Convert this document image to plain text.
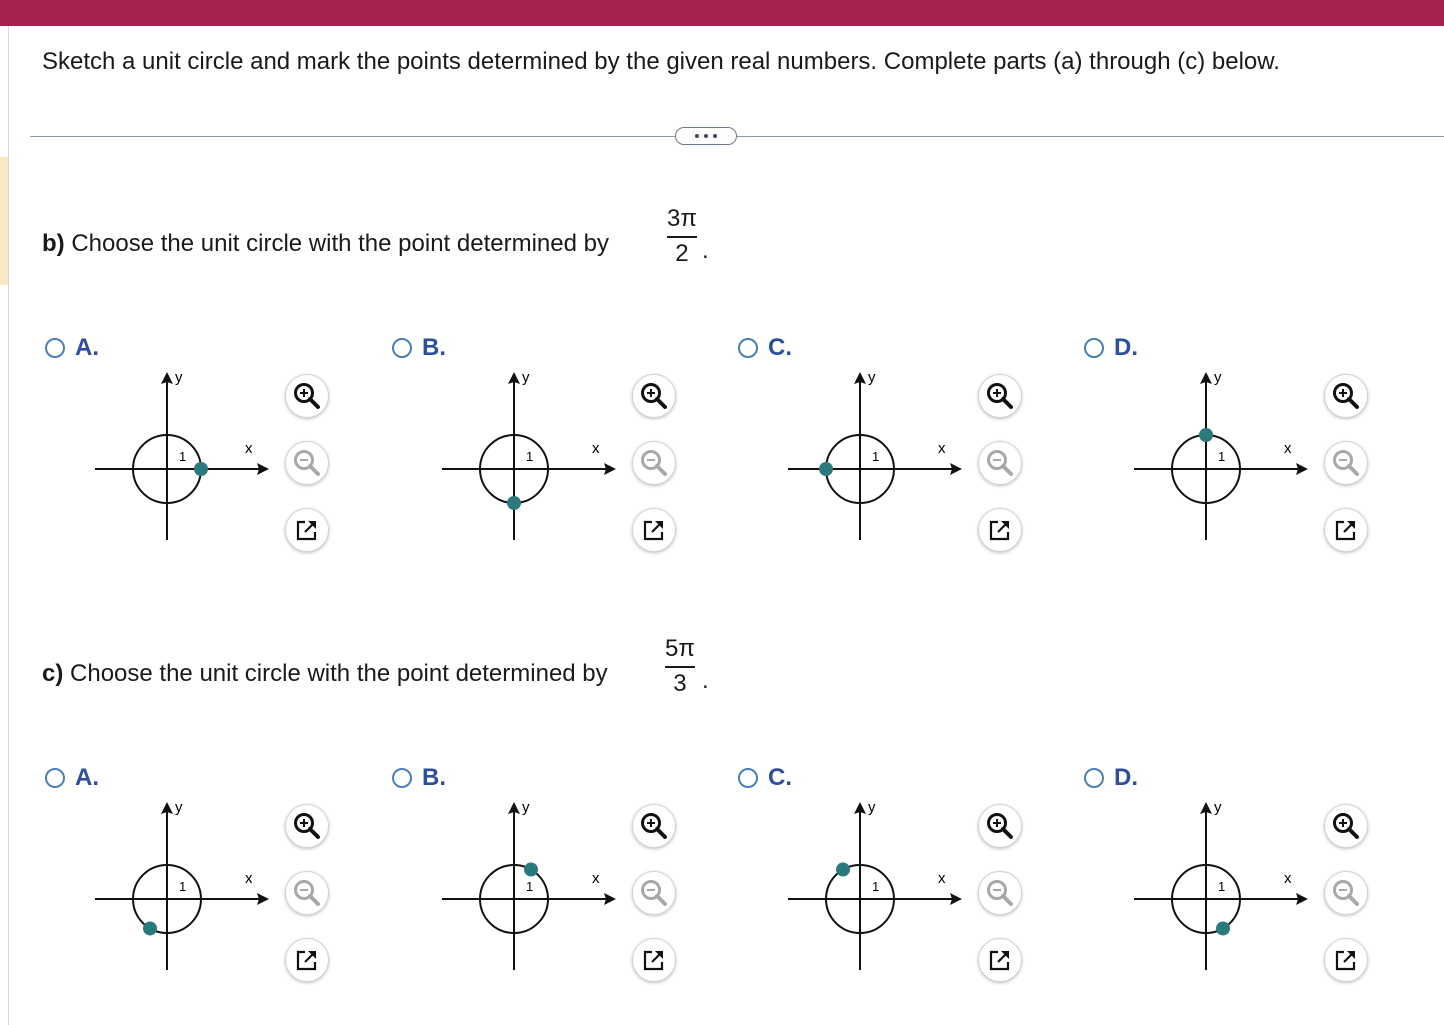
Sketch a unit circle and mark the points determined by the given real numbers. Complete parts (a) through (c) below.
b) Choose the unit circle with the point determined by
3π
2 .
c) Choose the unit circle with the point determined by
5π
3 .
A.
y
x
1
B.
y
x
1
C.
y
x
1
D.
y
x
1
A.
y
x
1
B.
y
x
1
C.
y
x
1
D.
y
x
1
